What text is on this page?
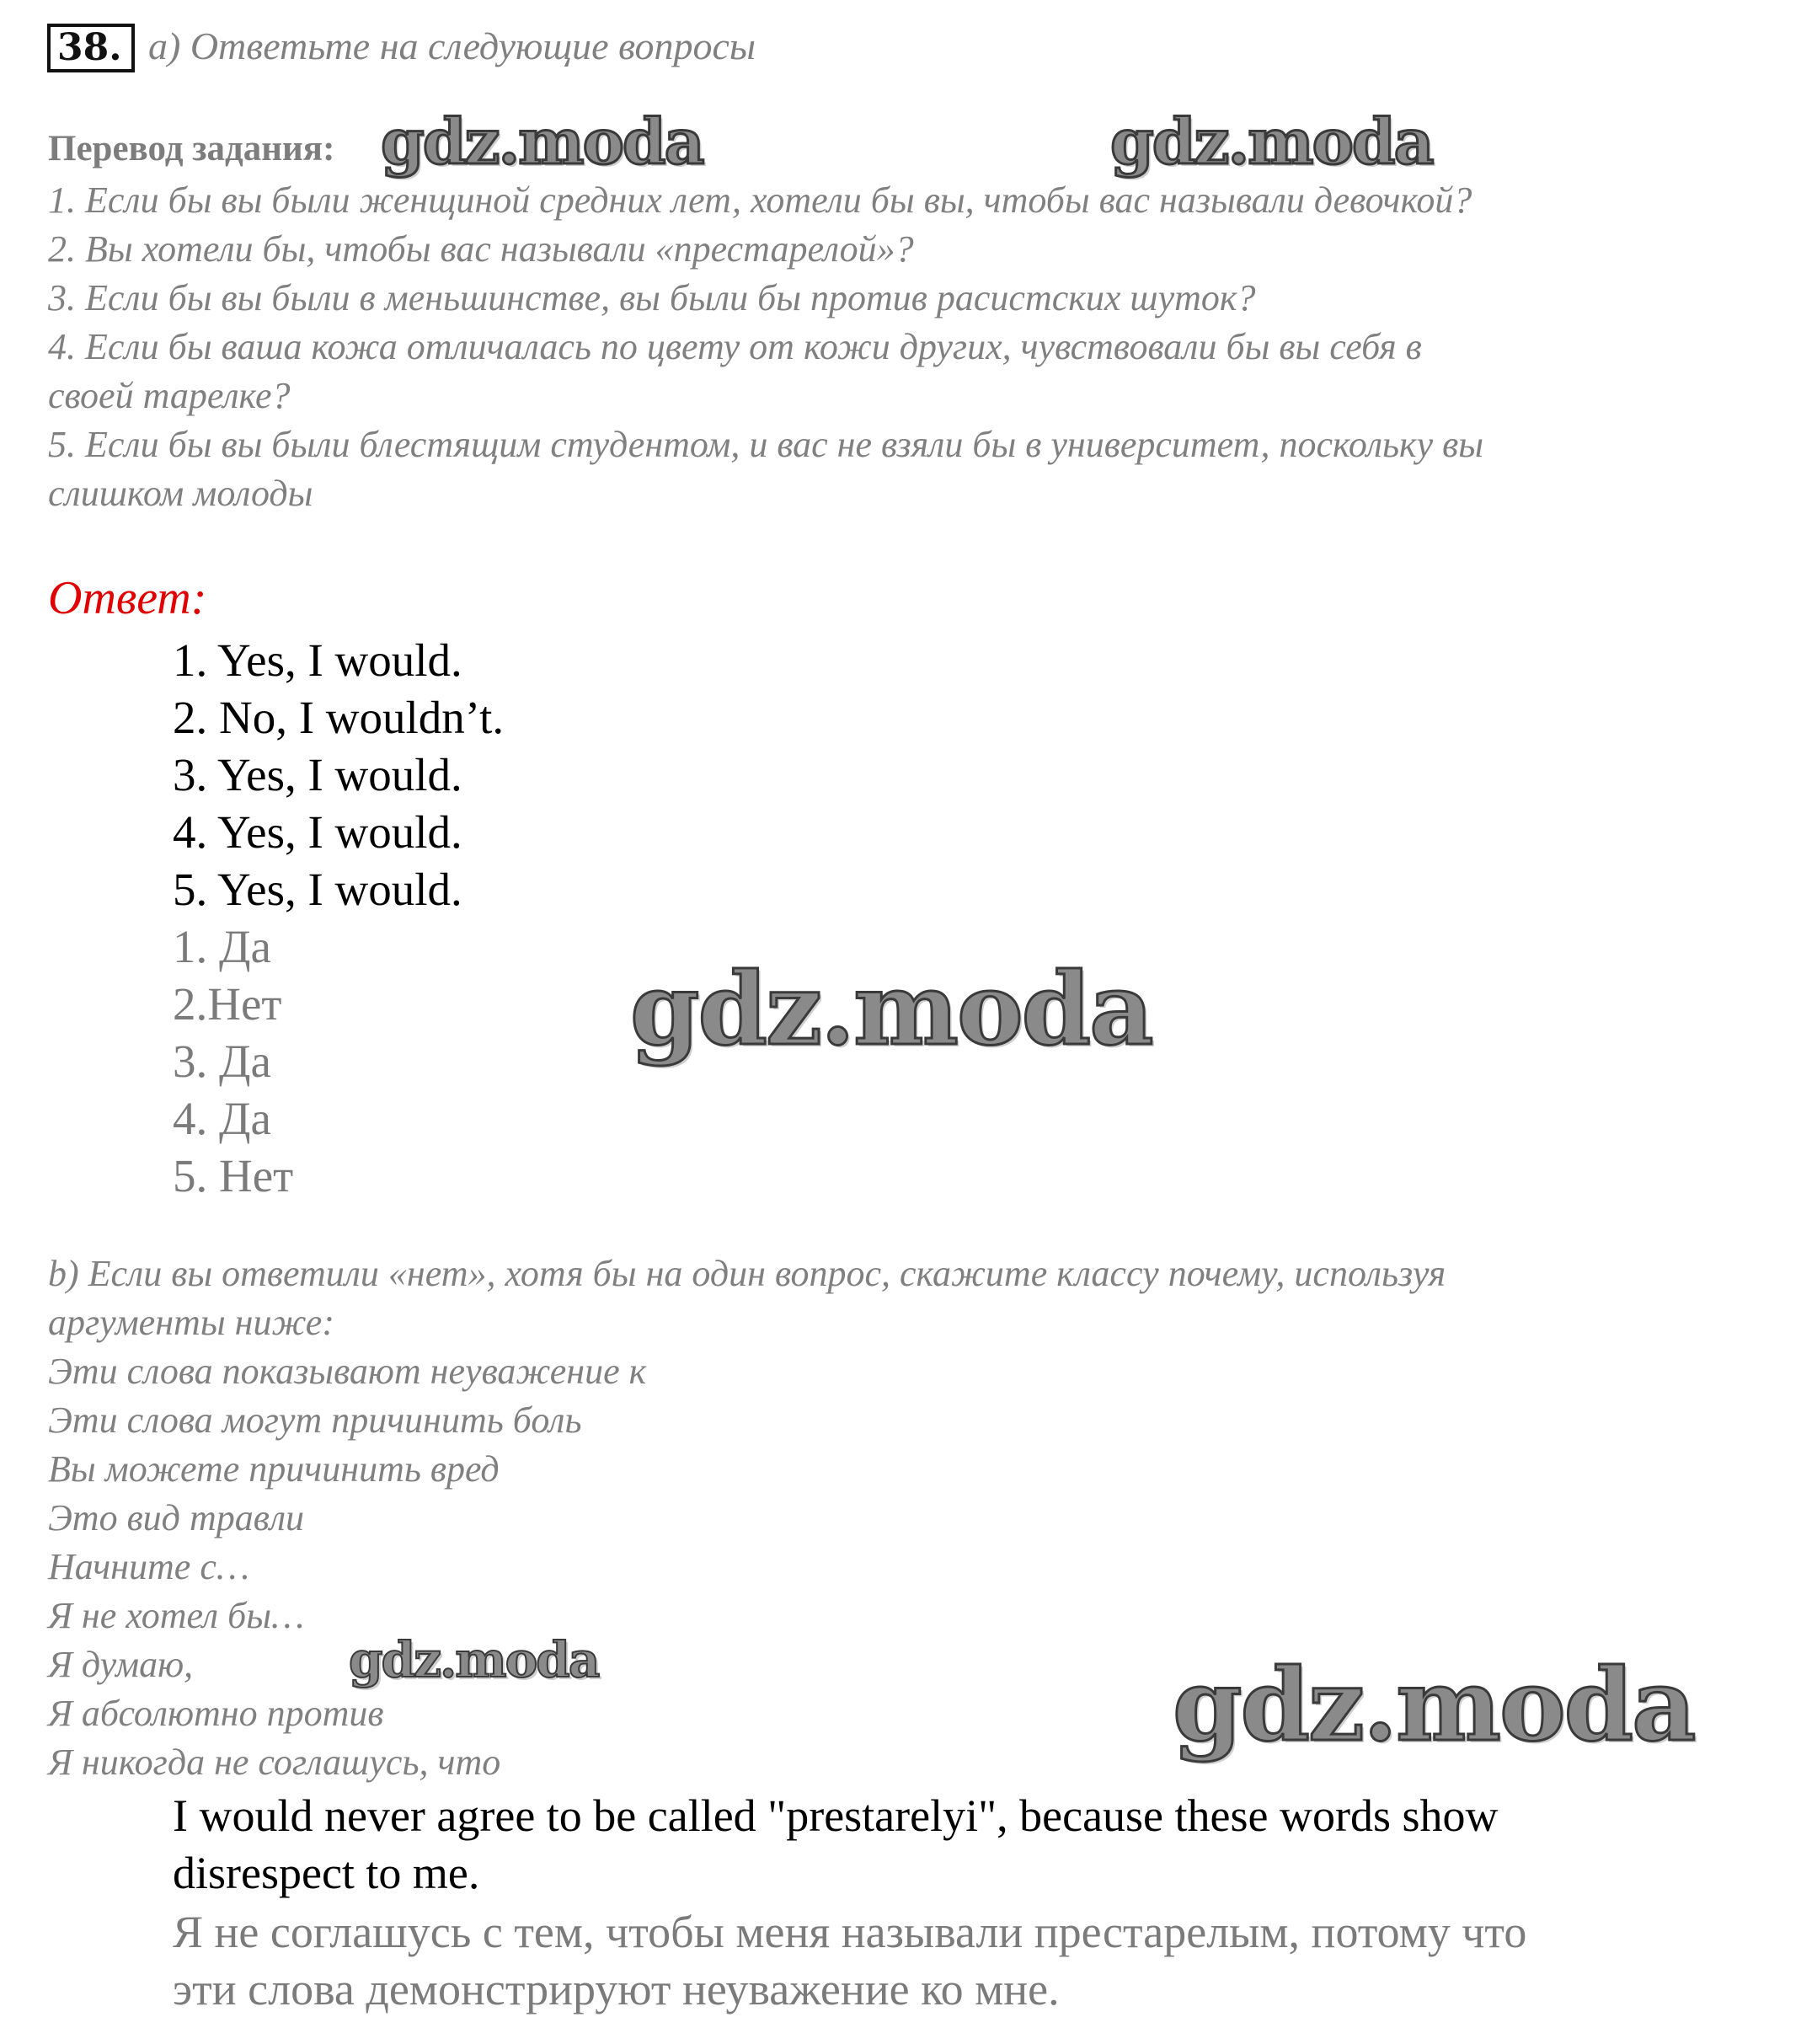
38. a) Ответьте на следующие вопросы
Перевод задания:
1. Если бы вы были женщиной средних лет, хотели бы вы, чтобы вас называли девочкой?
2. Вы хотели бы, чтобы вас называли «престарелой»?
3. Если бы вы были в меньшинстве, вы были бы против расистских шуток?
4. Если бы ваша кожа отличалась по цвету от кожи других, чувствовали бы вы себя в
своей тарелке?
5. Если бы вы были блестящим студентом, и вас не взяли бы в университет, поскольку вы
слишком молоды
Ответ:
1. Yes, I would.
2. No, I wouldn’t.
3. Yes, I would.
4. Yes, I would.
5. Yes, I would.
1. Да
2.Нет
3. Да
4. Да
5. Нет
b) Если вы ответили «нет», хотя бы на один вопрос, скажите классу почему, используя
аргументы ниже:
Эти слова показывают неуважение к
Эти слова могут причинить боль
Вы можете причинить вред
Это вид травли
Начните с…
Я не хотел бы…
Я думаю,
Я абсолютно против
Я никогда не соглашусь, что
I would never agree to be called "prestarelyi", because these words show
disrespect to me.
Я не соглашусь с тем, чтобы меня называли престарелым, потому что
эти слова демонстрируют неуважение ко мне.
gdz.moda	gdz.moda
gdz.moda
gdz.moda	gdz.moda
